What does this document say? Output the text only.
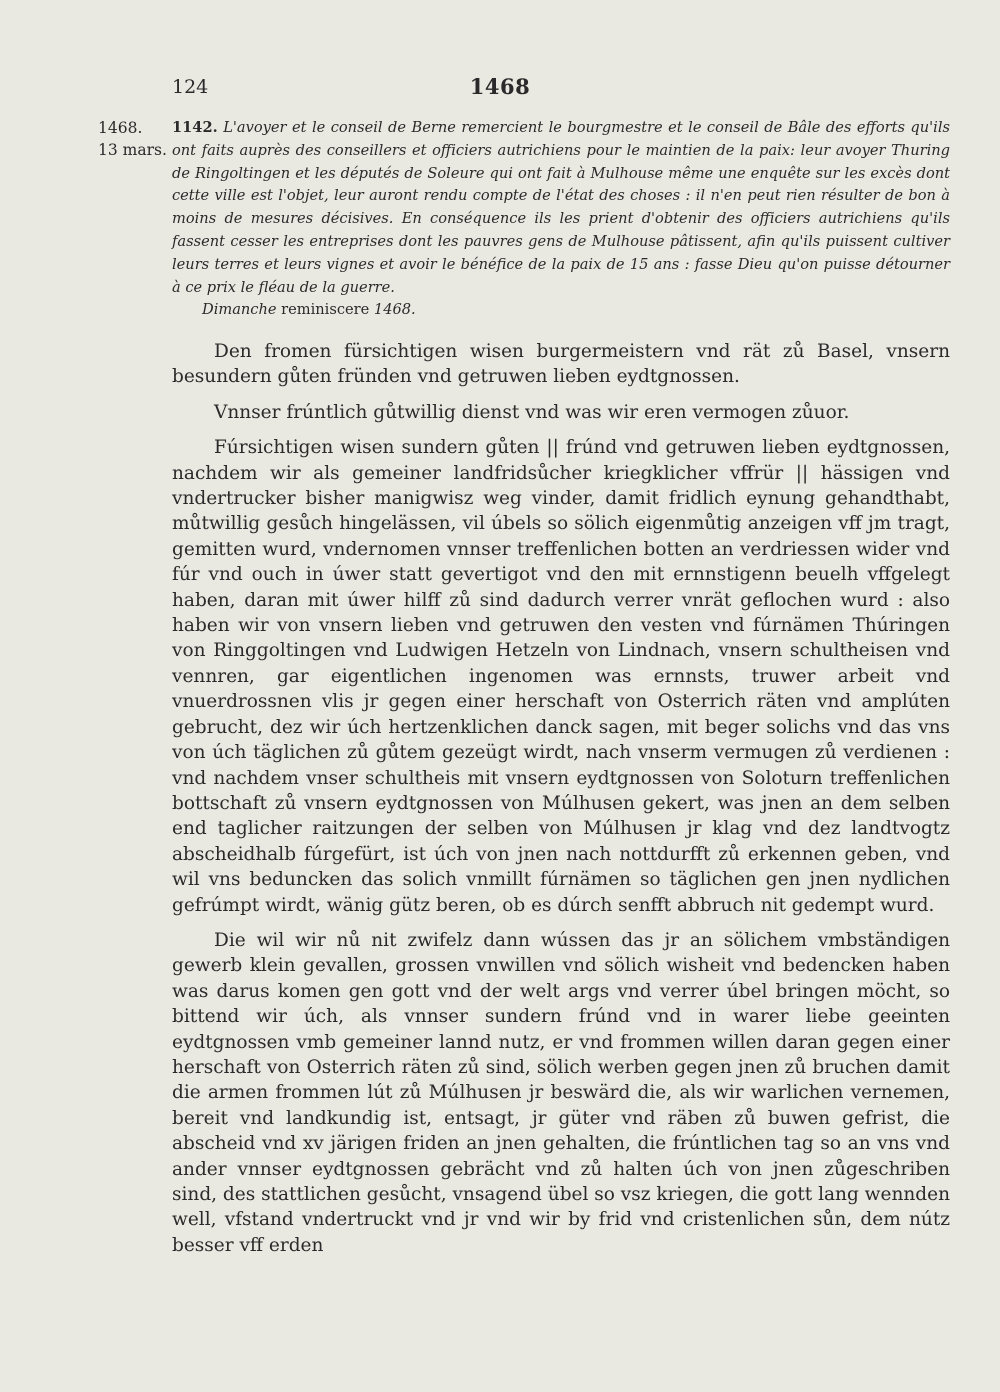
124	1468
1468.
13 mars.

1142. L'avoyer et le conseil de Berne remercient le bourgmestre et le conseil de Bâle des efforts qu'ils ont faits auprès des conseillers et officiers autrichiens pour le maintien de la paix: leur avoyer Thuring de Ringoltingen et les députés de Soleure qui ont fait à Mulhouse même une enquête sur les excès dont cette ville est l'objet, leur auront rendu compte de l'état des choses : il n'en peut rien résulter de bon à moins de mesures décisives. En conséquence ils les prient d'obtenir des officiers autrichiens qu'ils fassent cesser les entreprises dont les pauvres gens de Mulhouse pâtissent, afin qu'ils puissent cultiver leurs terres et leurs vignes et avoir le bénéfice de la paix de 15 ans : fasse Dieu qu'on puisse détourner à ce prix le fléau de la guerre.

Dimanche reminiscere 1468.

Den fromen fürsichtigen wisen burgermeistern vnd rät zů Basel, vnsern besundern gůten fründen vnd getruwen lieben eydtgnossen.

Vnnser frúntlich gůtwillig dienst vnd was wir eren vermogen zůuor.

Fúrsichtigen wisen sundern gůten || frúnd vnd getruwen lieben eydtgnossen, nachdem wir als gemeiner landfridsůcher kriegklicher vffrür || hässigen vnd vndertrucker bisher manigwisz weg vinder, damit fridlich eynung gehandthabt, můtwillig gesůch hingelässen, vil úbels so sölich eigenmůtig anzeigen vff jm tragt, gemitten wurd, vndernomen vnnser treffenlichen botten an verdriessen wider vnd fúr vnd ouch in úwer statt gevertigot vnd den mit ernnstigenn beuelh vffgelegt haben, daran mit úwer hilff zů sind dadurch verrer vnrät geflochen wurd : also haben wir von vnsern lieben vnd getruwen den vesten vnd fúrnämen Thúringen von Ringgoltingen vnd Ludwigen Hetzeln von Lindnach, vnsern schultheisen vnd vennren, gar eigentlichen ingenomen was ernnsts, truwer arbeit vnd vnuerdrossnen vlis jr gegen einer herschaft von Osterrich räten vnd amplúten gebrucht, dez wir úch hertzenklichen danck sagen, mit beger solichs vnd das vns von úch täglichen zů gůtem gezeügt wirdt, nach vnserm vermugen zů verdienen : vnd nachdem vnser schultheis mit vnsern eydtgnossen von Soloturn treffenlichen bottschaft zů vnsern eydtgnossen von Múlhusen gekert, was jnen an dem selben end taglicher raitzungen der selben von Múlhusen jr klag vnd dez landtvogtz abscheidhalb fúrgefürt, ist úch von jnen nach nottdurfft zů erkennen geben, vnd wil vns beduncken das solich vnmillt fúrnämen so täglichen gen jnen nydlichen gefrúmpt wirdt, wänig gütz beren, ob es dúrch senfft abbruch nit gedempt wurd.

Die wil wir nů nit zwifelz dann wússen das jr an sölichem vmbständigen gewerb klein gevallen, grossen vnwillen vnd sölich wisheit vnd bedencken haben was darus komen gen gott vnd der welt args vnd verrer úbel bringen möcht, so bittend wir úch, als vnnser sundern frúnd vnd in warer liebe geeinten eydtgnossen vmb gemeiner lannd nutz, er vnd frommen willen daran gegen einer herschaft von Osterrich räten zů sind, sölich werben gegen jnen zů bruchen damit die armen frommen lút zů Múlhusen jr beswärd die, als wir warlichen vernemen, bereit vnd landkundig ist, entsagt, jr güter vnd räben zů buwen gefrist, die abscheid vnd xv järigen friden an jnen gehalten, die frúntlichen tag so an vns vnd ander vnnser eydtgnossen gebrächt vnd zů halten úch von jnen zůgeschriben sind, des stattlichen gesůcht, vnsagend übel so vsz kriegen, die gott lang wennden well, vfstand vndertruckt vnd jr vnd wir by frid vnd cristenlichen sůn, dem nútz besser vff erden
